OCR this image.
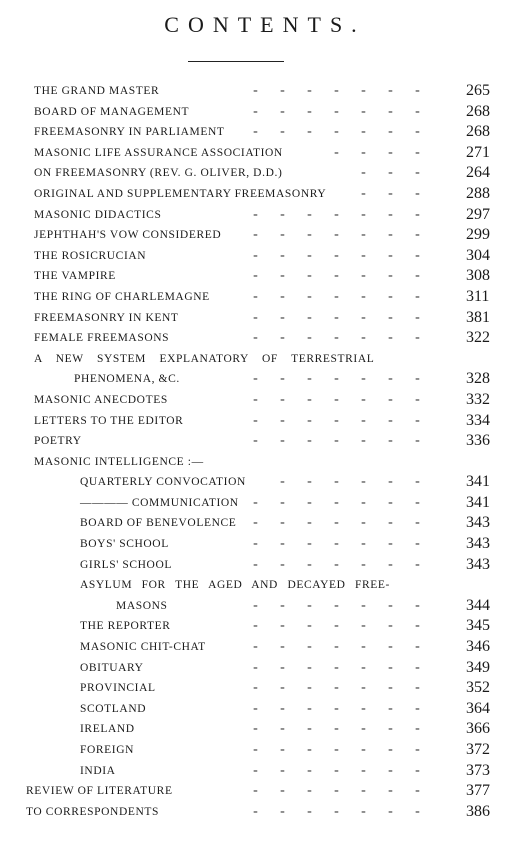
CONTENTS.
THE GRAND MASTER	- - - - - - -	265
BOARD OF MANAGEMENT	- - - - - - -	268
FREEMASONRY IN PARLIAMENT	- - - - - - -	268
MASONIC LIFE ASSURANCE ASSOCIATION	- - - -	271
ON FREEMASONRY (REV. G. OLIVER, D.D.)	- - -	264
ORIGINAL AND SUPPLEMENTARY FREEMASONRY	- - -	288
MASONIC DIDACTICS	- - - - - - -	297
JEPHTHAH'S VOW CONSIDERED	- - - - - - -	299
THE ROSICRUCIAN	- - - - - - -	304
THE VAMPIRE	- - - - - - -	308
THE RING OF CHARLEMAGNE	- - - - - - -	311
FREEMASONRY IN KENT	- - - - - - -	381
FEMALE FREEMASONS	- - - - - - -	322
A NEW SYSTEM EXPLANATORY OF TERRESTRIAL
PHENOMENA, &C.	- - - - - - -	328
MASONIC ANECDOTES	- - - - - - -	332
LETTERS TO THE EDITOR	- - - - - - -	334
POETRY	- - - - - - -	336
MASONIC INTELLIGENCE :—
QUARTERLY CONVOCATION	- - - - - -	341
———— COMMUNICATION	- - - - - - -	341
BOARD OF BENEVOLENCE	- - - - - - -	343
BOYS' SCHOOL	- - - - - - -	343
GIRLS' SCHOOL	- - - - - - -	343
ASYLUM FOR THE AGED AND DECAYED FREE-
MASONS	- - - - - - -	344
THE REPORTER	- - - - - - -	345
MASONIC CHIT-CHAT	- - - - - - -	346
OBITUARY	- - - - - - -	349
PROVINCIAL	- - - - - - -	352
SCOTLAND	- - - - - - -	364
IRELAND	- - - - - - -	366
FOREIGN	- - - - - - -	372
INDIA	- - - - - - -	373
REVIEW OF LITERATURE	- - - - - - -	377
TO CORRESPONDENTS	- - - - - - -	386
